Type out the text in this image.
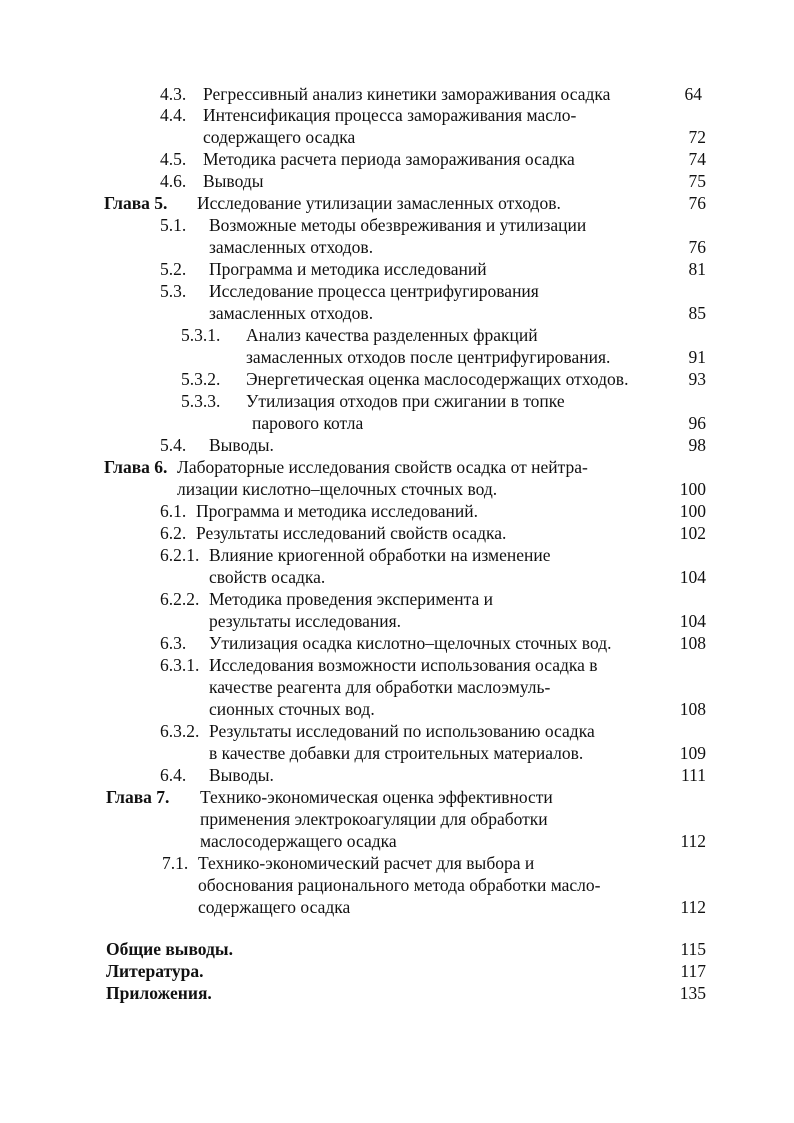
4.3. Регрессивный анализ кинетики замораживания осадка	64
4.4. Интенсификация процесса замораживания масло-
содержащего осадка	72
4.5. Методика расчета периода замораживания осадка	74
4.6. Выводы	75
Глава 5. Исследование утилизации замасленных отходов.	76
5.1. Возможные методы обезвреживания и утилизации
замасленных отходов.	76
5.2. Программа и методика исследований	81
5.3. Исследование процесса центрифугирования
замасленных отходов.	85
5.3.1. Анализ качества разделенных фракций
замасленных отходов после центрифугирования.	91
5.3.2. Энергетическая оценка маслосодержащих отходов.	93
5.3.3. Утилизация отходов при сжигании в топке
парового котла	96
5.4. Выводы.	98
Глава 6. Лабораторные исследования свойств осадка от нейтра-
лизации кислотно–щелочных сточных вод.	100
6.1. Программа и методика исследований.	100
6.2. Результаты исследований свойств осадка.	102
6.2.1. Влияние криогенной обработки на изменение
свойств осадка.	104
6.2.2. Методика проведения эксперимента и
результаты исследования.	104
6.3. Утилизация осадка кислотно–щелочных сточных вод.	108
6.3.1. Исследования возможности использования осадка в
качестве реагента для обработки маслоэмуль-
сионных сточных вод.	108
6.3.2. Результаты исследований по использованию осадка
в качестве добавки для строительных материалов.	109
6.4. Выводы.	111
Глава 7. Технико-экономическая оценка эффективности
применения электрокоагуляции для обработки
маслосодержащего осадка	112
7.1. Технико-экономический расчет для выбора и
обоснования рационального метода обработки масло-
содержащего осадка	112
Общие выводы.	115
Литература.	117
Приложения.	135
